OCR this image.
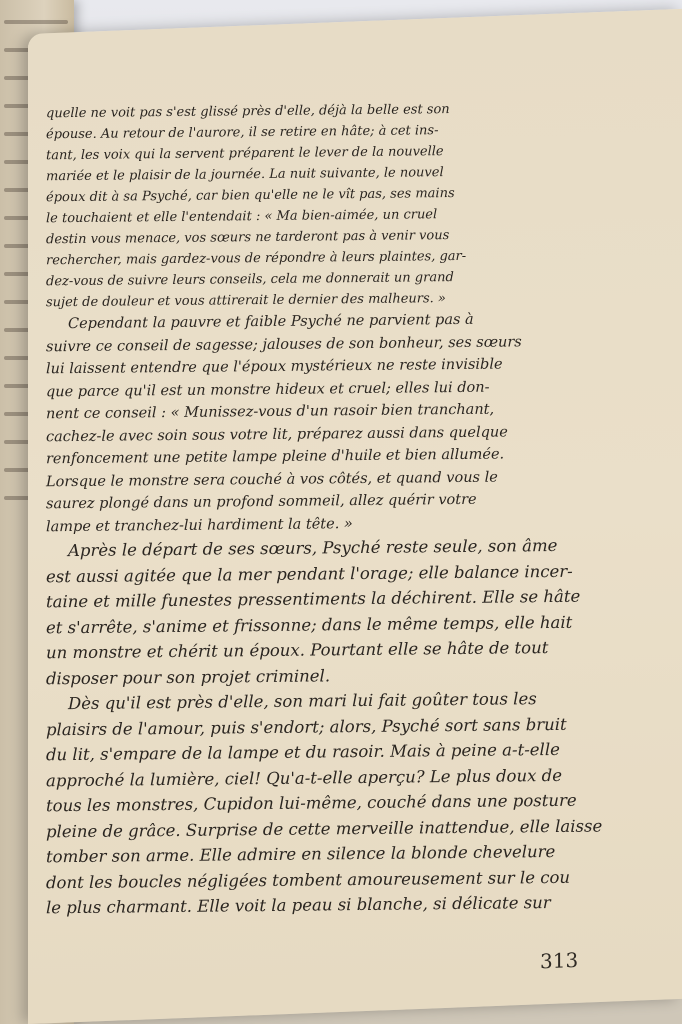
quelle ne voit pas s'est glissé près d'elle, déjà la belle est son
épouse. Au retour de l'aurore, il se retire en hâte; à cet ins-
tant, les voix qui la servent préparent le lever de la nouvelle
mariée et le plaisir de la journée. La nuit suivante, le nouvel
époux dit à sa Psyché, car bien qu'elle ne le vît pas, ses mains
le touchaient et elle l'entendait : « Ma bien-aimée, un cruel
destin vous menace, vos sœurs ne tarderont pas à venir vous
rechercher, mais gardez-vous de répondre à leurs plaintes, gar-
dez-vous de suivre leurs conseils, cela me donnerait un grand
sujet de douleur et vous attirerait le dernier des malheurs. »
Cependant la pauvre et faible Psyché ne parvient pas à
suivre ce conseil de sagesse; jalouses de son bonheur, ses sœurs
lui laissent entendre que l'époux mystérieux ne reste invisible
que parce qu'il est un monstre hideux et cruel; elles lui don-
nent ce conseil : « Munissez-vous d'un rasoir bien tranchant,
cachez-le avec soin sous votre lit, préparez aussi dans quelque
renfoncement une petite lampe pleine d'huile et bien allumée.
Lorsque le monstre sera couché à vos côtés, et quand vous le
saurez plongé dans un profond sommeil, allez quérir votre
lampe et tranchez-lui hardiment la tête. »
Après le départ de ses sœurs, Psyché reste seule, son âme
est aussi agitée que la mer pendant l'orage; elle balance incer-
taine et mille funestes pressentiments la déchirent. Elle se hâte
et s'arrête, s'anime et frissonne; dans le même temps, elle hait
un monstre et chérit un époux. Pourtant elle se hâte de tout
disposer pour son projet criminel.
Dès qu'il est près d'elle, son mari lui fait goûter tous les
plaisirs de l'amour, puis s'endort; alors, Psyché sort sans bruit
du lit, s'empare de la lampe et du rasoir. Mais à peine a-t-elle
approché la lumière, ciel! Qu'a-t-elle aperçu? Le plus doux de
tous les monstres, Cupidon lui-même, couché dans une posture
pleine de grâce. Surprise de cette merveille inattendue, elle laisse
tomber son arme. Elle admire en silence la blonde chevelure
dont les boucles négligées tombent amoureusement sur le cou
le plus charmant. Elle voit la peau si blanche, si délicate sur
313
